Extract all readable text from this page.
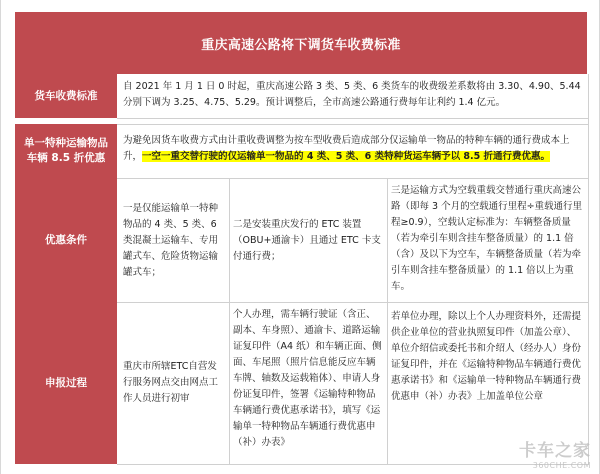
重庆高速公路将下调货车收费标准
货车收费标准
自 2021 年 1 月 1 日 0 时起，重庆高速公路 3 类、5 类、6 类货车的收费级差系数将由 3.30、4.90、5.44 分别下调为 3.25、4.75、5.29。预计调整后，全市高速公路通行费每年让利约 1.4 亿元。
单一特种运输物品
车辆 8.5 折优惠
为避免因货车收费方式由计重收费调整为按车型收费后造成部分仅运输单一物品的特种车辆的通行费成本上升，一空一重交替行驶的仅运输单一物品的 4 类、5 类、6 类特种货运车辆予以 8.5 折通行费优惠。
优惠条件
一是仅能运输单一特种物品的 4 类、5 类、6 类混凝土运输车、专用罐式车、危险货物运输罐式车；
二是安装重庆发行的 ETC 装置（OBU+通渝卡）且通过 ETC 卡支付通行费；
三是运输方式为空载重载交替通行重庆高速公路（即每 3 个月的空载通行里程÷重载通行里程≥0.9），空载认定标准为：车辆整备质量（若为牵引车则含挂车整备质量）的 1.1 倍（含）及以下为空车，车辆整备质量（若为牵引车则含挂车整备质量）的 1.1 倍以上为重车。
申报过程
重庆市所辖ETC自营发行服务网点交由网点工作人员进行初审
个人办理，需车辆行驶证（含正、副本、车身照）、通渝卡、道路运输证复印件（A4 纸）和车辆正面、侧面、车尾照（照片信息能反应车辆车牌、轴数及运载箱体）、申请人身份证复印件，签署《运输特种物品车辆通行费优惠承诺书》，填写《运输单一特种物品车辆通行费优惠申（补）办表》
若单位办理，除以上个人办理资料外，还需提供企业单位的营业执照复印件（加盖公章）、单位介绍信或委托书和介绍人（经办人）身份证复印件，并在《运输特种物品车辆通行费优惠承诺书》和《运输单一特种物品车辆通行费优惠申（补）办表》上加盖单位公章
卡车之家
360CHE.COM
